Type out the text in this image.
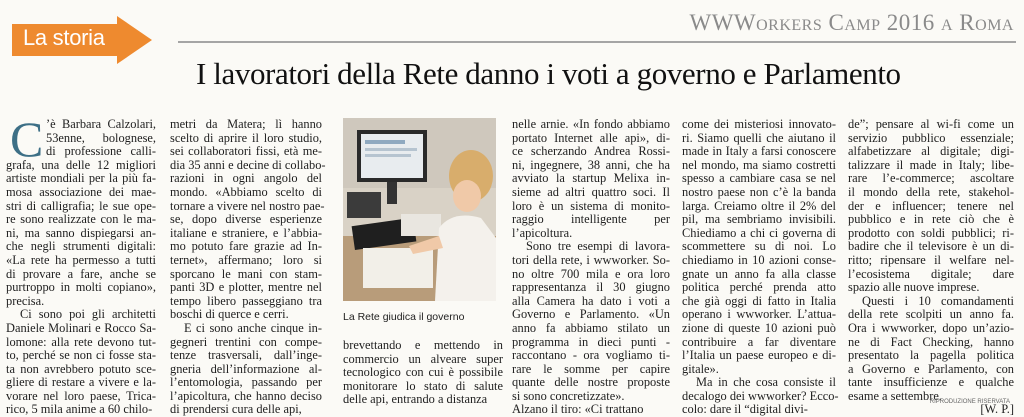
La storia
WWWorkers Camp 2016 a Roma
I lavoratori della Rete danno i voti a governo e Parlamento
C ’è Barbara Calzolari,
53enne, bolognese,
di professione calli-
grafa, una delle 12 migliori
artiste mondiali per la più fa-
mosa associazione dei mae-
stri di calligrafia; le sue ope-
re sono realizzate con le ma-
ni, ma sanno dispiegarsi an-
che negli strumenti digitali:
«La rete ha permesso a tutti
di provare a fare, anche se
purtroppo in molti copiano»,
precisa.
Ci sono poi gli architetti
Daniele Molinari e Rocco Sa-
lomone: alla rete devono tut-
to, perché se non ci fosse sta-
ta non avrebbero potuto sce-
gliere di restare a vivere e la-
vorare nel loro paese, Trica-
rico, 5 mila anime a 60 chilo-
metri da Matera; lì hanno
scelto di aprire il loro studio,
sei collaboratori fissi, età me-
dia 35 anni e decine di collabo-
razioni in ogni angolo del
mondo. «Abbiamo scelto di
tornare a vivere nel nostro pae-
se, dopo diverse esperienze
italiane e straniere, e l’abbia-
mo potuto fare grazie ad In-
ternet», affermano; loro si
sporcano le mani con stam-
panti 3D e plotter, mentre nel
tempo libero passeggiano tra
boschi di querce e cerri.
E ci sono anche cinque in-
gegneri trentini con compe-
tenze trasversali, dall’inge-
gneria dell’informazione al-
l’entomologia, passando per
l’apicoltura, che hanno deciso
di prendersi cura delle api,
La Rete giudica il governo
brevettando e mettendo in
commercio un alveare super
tecnologico con cui è possibile
monitorare lo stato di salute
delle api, entrando a distanza
nelle arnie. «In fondo abbiamo
portato Internet alle api», di-
ce scherzando Andrea Rossi-
ni, ingegnere, 38 anni, che ha
avviato la startup Melixa in-
sieme ad altri quattro soci. Il
loro è un sistema di monito-
raggio intelligente per
l’apicoltura.
Sono tre esempi di lavora-
tori della rete, i wwworker. So-
no oltre 700 mila e ora loro
rappresentanza il 30 giugno
alla Camera ha dato i voti a
Governo e Parlamento. «Un
anno fa abbiamo stilato un
programma in dieci punti -
raccontano - ora vogliamo ti-
rare le somme per capire
quante delle nostre proposte
si sono concretizzate».
Alzano il tiro: «Ci trattano
come dei misteriosi innovato-
ri. Siamo quelli che aiutano il
made in Italy a farsi conoscere
nel mondo, ma siamo costretti
spesso a cambiare casa se nel
nostro paese non c’è la banda
larga. Creiamo oltre il 2% del
pil, ma sembriamo invisibili.
Chiediamo a chi ci governa di
scommettere su di noi. Lo
chiediamo in 10 azioni conse-
gnate un anno fa alla classe
politica perché prenda atto
che già oggi di fatto in Italia
operano i wwworker. L’attua-
zione di queste 10 azioni può
contribuire a far diventare
l’Italia un paese europeo e di-
gitale».
Ma in che cosa consiste il
decalogo dei wwworker? Ecco-
colo: dare il “digital divi-
de”; pensare al wi-fi come un
servizio pubblico essenziale;
alfabetizzare al digitale; digi-
talizzare il made in Italy; libe-
rare l’e-commerce; ascoltare
il mondo della rete, stakehol-
der e influencer; tenere nel
pubblico e in rete ciò che è
prodotto con soldi pubblici; ri-
badire che il televisore è un di-
ritto; ripensare il welfare nel-
l’ecosistema digitale; dare
spazio alle nuove imprese.
Questi i 10 comandamenti
della rete scolpiti un anno fa.
Ora i wwworker, dopo un’azio-
ne di Fact Checking, hanno
presentato la pagella politica
a Governo e Parlamento, con
tante insufficienze e qualche
esame a settembre.

[W. P.]
RIPRODUZIONE RISERVATA
